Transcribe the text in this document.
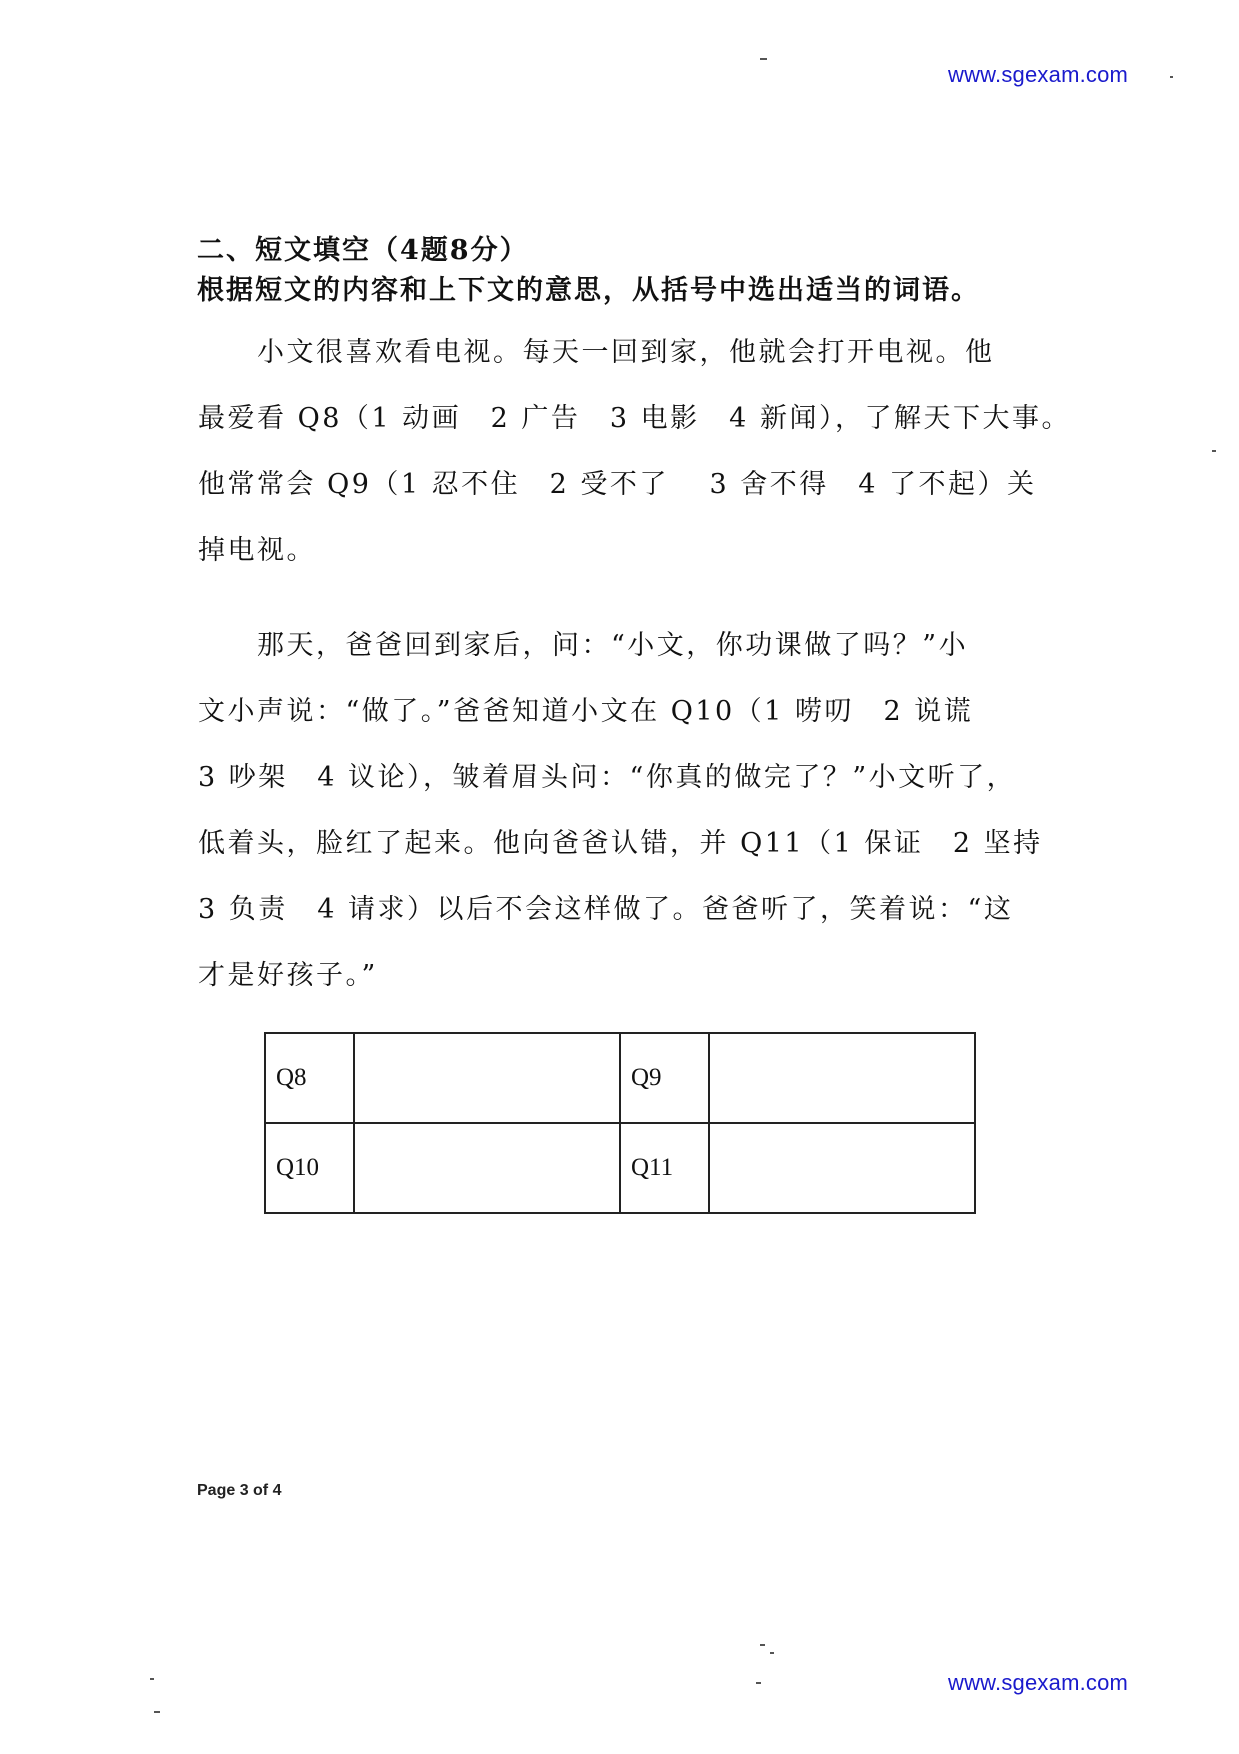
www.sgexam.com
二、短文填空（4题8分）
根据短文的内容和上下文的意思，从括号中选出适当的词语。
　　小文很喜欢看电视。每天一回到家，他就会打开电视。他
最爱看 Q8（1 动画　2 广告　3 电影　4 新闻），了解天下大事。
他常常会 Q9（1 忍不住　2 受不了　 3 舍不得　4 了不起）关
掉电视。
　　那天，爸爸回到家后，问：“小文，你功课做了吗？”小
文小声说：“做了。”爸爸知道小文在 Q10（1 唠叨　2 说谎
3 吵架　4 议论），皱着眉头问：“你真的做完了？”小文听了，
低着头，脸红了起来。他向爸爸认错，并 Q11（1 保证　2 坚持
3 负责　4 请求）以后不会这样做了。爸爸听了，笑着说：“这
才是好孩子。”
Q8		Q9	
Q10		Q11	
Page 3 of 4
www.sgexam.com
